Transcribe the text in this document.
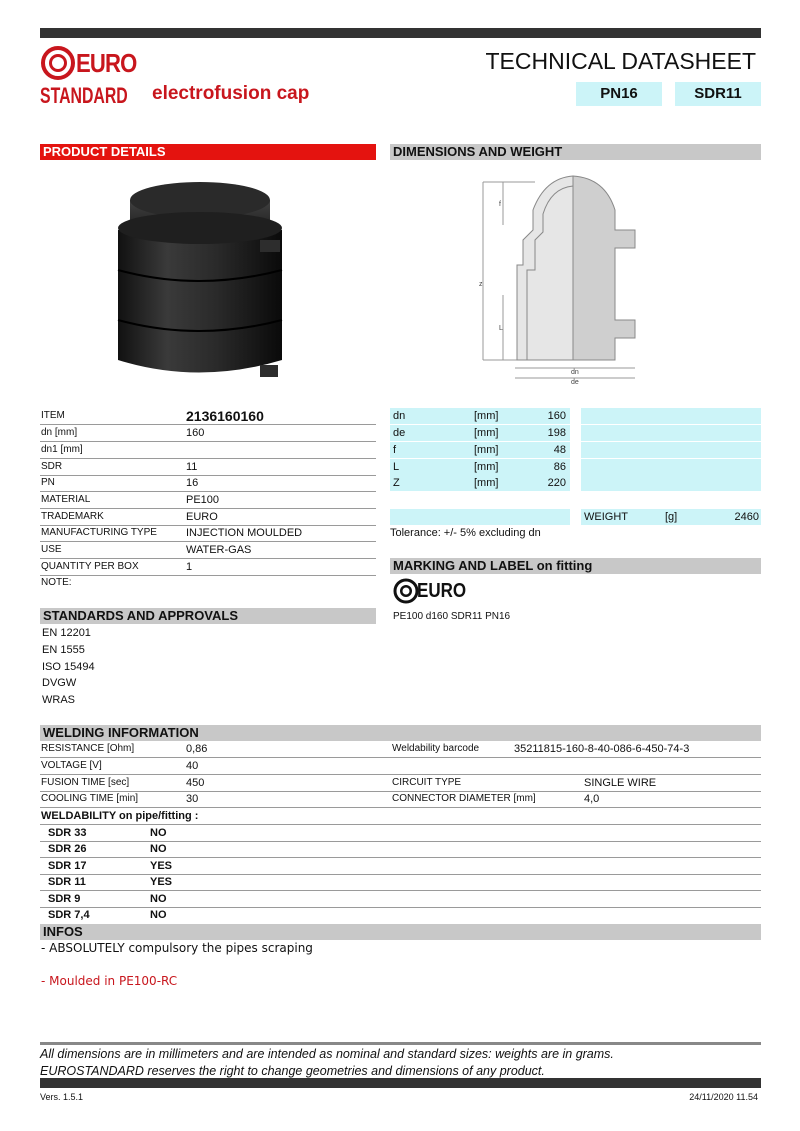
EURO
STANDARD electrofusion cap
TECHNICAL DATASHEET
PN16	SDR11
PRODUCT DETAILS	DIMENSIONS AND WEIGHT
f
z
L
dn
de
ITEM	2136160160
dn [mm]	160
dn1 [mm]
SDR	11
PN	16
MATERIAL	PE100
TRADEMARK	EURO
MANUFACTURING TYPE	INJECTION MOULDED
USE	WATER-GAS
QUANTITY PER BOX	1
NOTE:
dn	[mm]	160
de	[mm]	198
f	[mm]	48
L	[mm]	86
Z	[mm]	220
WEIGHT	[g]	2460
Tolerance: +/- 5% excluding dn
MARKING AND LABEL on fitting
EURO
PE100 d160 SDR11 PN16
STANDARDS AND APPROVALS
EN 12201
EN 1555
ISO 15494
DVGW
WRAS
WELDING INFORMATION
RESISTANCE [Ohm]	0,86	Weldability barcode	35211815-160-8-40-086-6-450-74-3
VOLTAGE [V]	40
FUSION TIME [sec]	450	CIRCUIT TYPE	SINGLE WIRE
COOLING TIME [min]	30	CONNECTOR DIAMETER [mm]	4,0
WELDABILITY on pipe/fitting :
SDR 33	NO
SDR 26	NO
SDR 17	YES
SDR 11	YES
SDR 9	NO
SDR 7,4	NO
INFOS
- ABSOLUTELY compulsory the pipes scraping
- Moulded in PE100-RC
All dimensions are in millimeters and are intended as nominal and standard sizes: weights are in grams.
EUROSTANDARD reserves the right to change geometries and dimensions of any product.
Vers. 1.5.1	24/11/2020 11.54
